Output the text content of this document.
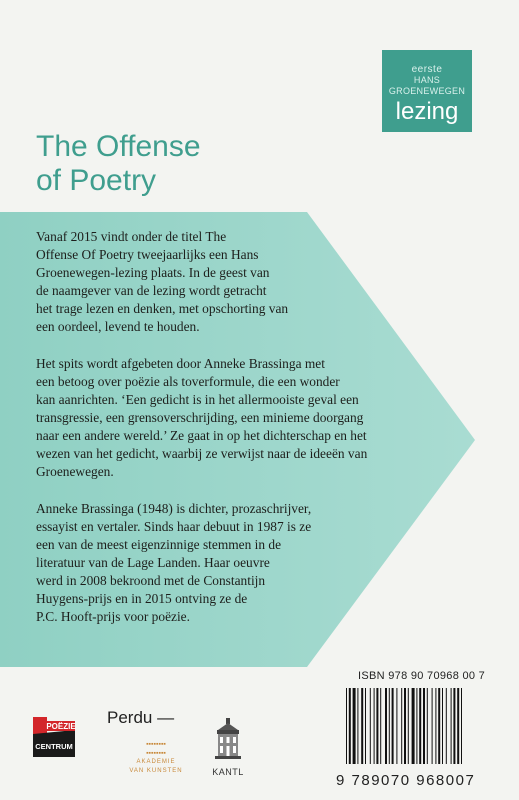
eerste
HANS
GROENEWEGEN
lezing
The Offense
of Poetry

Vanaf 2015 vindt onder de titel The
Offense Of Poetry tweejaarlijks een Hans
Groenewegen-lezing plaats. In de geest van
de naamgever van de lezing wordt getracht
het trage lezen en denken, met opschorting van
een oordeel, levend te houden.

Het spits wordt afgebeten door Anneke Brassinga met
een betoog over poëzie als toverformule, die een wonder
kan aanrichten. ‘Een gedicht is in het allermooiste geval een
transgressie, een grensoverschrijding, een minieme doorgang
naar een andere wereld.’ Ze gaat in op het dichterschap en het
wezen van het gedicht, waarbij ze verwijst naar de ideeën van
Groenewegen.

Anneke Brassinga (1948) is dichter, prozaschrijver,
essayist en vertaler. Sinds haar debuut in 1987 is ze
een van de meest eigenzinnige stemmen in de
literatuur van de Lage Landen. Haar oeuvre
werd in 2008 bekroond met de Constantijn
Huygens-prijs en in 2015 ontving ze de
P.C. Hooft-prijs voor poëzie.

POËZIE
CENTRUM
Perdu —
▪▪▪▪▪▪▪▪
▪▪▪▪▪▪▪▪
AKADEMIE
VAN KUNSTEN	KANTL
ISBN 978 90 70968 00 7
9 789070 968007
